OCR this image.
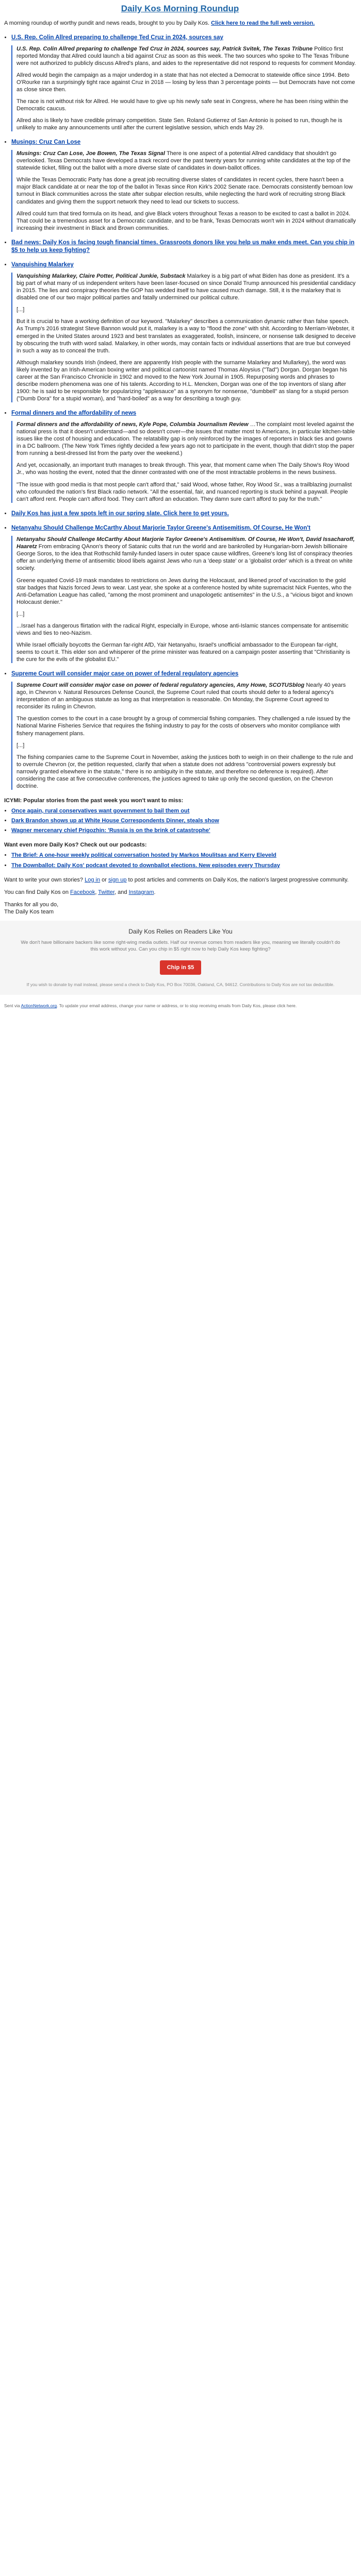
Daily Kos Morning Roundup

A morning roundup of worthy pundit and news reads, brought to you by Daily Kos. Click here to read the full web version.

• U.S. Rep. Colin Allred preparing to challenge Ted Cruz in 2024, sources say

U.S. Rep. Colin Allred preparing to challenge Ted Cruz in 2024, sources say, Patrick Svitek, The Texas Tribune Politico first reported Monday that Allred could launch a bid against Cruz as soon as this week. The two sources who spoke to The Texas Tribune were not authorized to publicly discuss Allred's plans, and aides to the representative did not respond to requests for comment Monday.

Allred would begin the campaign as a major underdog in a state that has not elected a Democrat to statewide office since 1994. Beto O'Rourke ran a surprisingly tight race against Cruz in 2018 — losing by less than 3 percentage points — but Democrats have not come as close since then.

The race is not without risk for Allred. He would have to give up his newly safe seat in Congress, where he has been rising within the Democratic caucus.

Allred also is likely to have credible primary competition. State Sen. Roland Gutierrez of San Antonio is poised to run, though he is unlikely to make any announcements until after the current legislative session, which ends May 29.

• Musings: Cruz Can Lose

Musings: Cruz Can Lose, Joe Bowen, The Texas Signal There is one aspect of a potential Allred candidacy that shouldn't go overlooked. Texas Democrats have developed a track record over the past twenty years for running white candidates at the top of the statewide ticket, filling out the ballot with a more diverse slate of candidates in down-ballot offices.

While the Texas Democratic Party has done a great job recruiting diverse slates of candidates in recent cycles, there hasn't been a major Black candidate at or near the top of the ballot in Texas since Ron Kirk's 2002 Senate race. Democrats consistently bemoan low turnout in Black communities across the state after subpar election results, while neglecting the hard work of recruiting strong Black candidates and giving them the support network they need to lead our tickets to success.

Allred could turn that tired formula on its head, and give Black voters throughout Texas a reason to be excited to cast a ballot in 2024. That could be a tremendous asset for a Democratic candidate, and to be frank, Texas Democrats won't win in 2024 without dramatically increasing their investment in Black and Brown communities.

• Bad news: Daily Kos is facing tough financial times. Grassroots donors like you help us make ends meet. Can you chip in $5 to help us keep fighting?
• Vanquishing Malarkey

Vanquishing Malarkey, Claire Potter, Political Junkie, Substack Malarkey is a big part of what Biden has done as president. It's a big part of what many of us independent writers have been laser-focused on since Donald Trump announced his presidential candidacy in 2015. The lies and conspiracy theories the GOP has wedded itself to have caused much damage. Still, it is the malarkey that is disabled one of our two major political parties and fatally undermined our political culture.

[...]

But it is crucial to have a working definition of our keyword. "Malarkey" describes a communication dynamic rather than false speech. As Trump's 2016 strategist Steve Bannon would put it, malarkey is a way to "flood the zone" with shit. According to Merriam-Webster, it emerged in the United States around 1923 and best translates as exaggerated, foolish, insincere, or nonsense talk designed to deceive by obscuring the truth with word salad. Malarkey, in other words, may contain facts or individual assertions that are true but conveyed in such a way as to conceal the truth.

Although malarkey sounds Irish (indeed, there are apparently Irish people with the surname Malarkey and Mullarkey), the word was likely invented by an Irish-American boxing writer and political cartoonist named Thomas Aloysius ("Tad") Dorgan. Dorgan began his career at the San Francisco Chronicle in 1902 and moved to the New York Journal in 1905. Repurposing words and phrases to describe modern phenomena was one of his talents. According to H.L. Mencken, Dorgan was one of the top inventors of slang after 1900: he is said to be responsible for popularizing "applesauce" as a synonym for nonsense, "dumbbell" as slang for a stupid person ("Dumb Dora" for a stupid woman), and "hard-boiled" as a way for describing a tough guy.

• Formal dinners and the affordability of news

Formal dinners and the affordability of news, Kyle Pope, Columbia Journalism Review …The complaint most leveled against the national press is that it doesn't understand—and so doesn't cover—the issues that matter most to Americans, in particular kitchen-table issues like the cost of housing and education. The relatability gap is only reinforced by the images of reporters in black ties and gowns in a DC ballroom. (The New York Times rightly decided a few years ago not to participate in the event, though that didn't stop the paper from running a best-dressed list from the party over the weekend.)

And yet, occasionally, an important truth manages to break through. This year, that moment came when The Daily Show's Roy Wood Jr., who was hosting the event, noted that the dinner contrasted with one of the most intractable problems in the news business.

"The issue with good media is that most people can't afford that," said Wood, whose father, Roy Wood Sr., was a trailblazing journalist who cofounded the nation's first Black radio network. "All the essential, fair, and nuanced reporting is stuck behind a paywall. People can't afford rent. People can't afford food. They can't afford an education. They damn sure can't afford to pay for the truth."

• Daily Kos has just a few spots left in our spring slate. Click here to get yours.
• Netanyahu Should Challenge McCarthy About Marjorie Taylor Greene's Antisemitism. Of Course, He Won't

Netanyahu Should Challenge McCarthy About Marjorie Taylor Greene's Antisemitism. Of Course, He Won't, David Issacharoff, Haaretz From embracing QAnon's theory of Satanic cults that run the world and are bankrolled by Hungarian-born Jewish billionaire George Soros, to the idea that Rothschild family-funded lasers in outer space cause wildfires, Greene's long list of conspiracy theories offer an underlying theme of antisemitic blood libels against Jews who run a 'deep state' or a 'globalist order' which is a threat on white society.

Greene equated Covid-19 mask mandates to restrictions on Jews during the Holocaust, and likened proof of vaccination to the gold star badges that Nazis forced Jews to wear. Last year, she spoke at a conference hosted by white supremacist Nick Fuentes, who the Anti-Defamation League has called, "among the most prominent and unapologetic antisemites" in the U.S., a "vicious bigot and known Holocaust denier."

[...]

...Israel has a dangerous flirtation with the radical Right, especially in Europe, whose anti-Islamic stances compensate for antisemitic views and ties to neo-Nazism.

While Israel officially boycotts the German far-right AfD, Yair Netanyahu, Israel's unofficial ambassador to the European far-right, seems to court it. This elder son and whisperer of the prime minister was featured on a campaign poster asserting that "Christianity is the cure for the evils of the globalist EU."

• Supreme Court will consider major case on power of federal regulatory agencies

Supreme Court will consider major case on power of federal regulatory agencies, Amy Howe, SCOTUSblog Nearly 40 years ago, in Chevron v. Natural Resources Defense Council, the Supreme Court ruled that courts should defer to a federal agency's interpretation of an ambiguous statute as long as that interpretation is reasonable. On Monday, the Supreme Court agreed to reconsider its ruling in Chevron.

The question comes to the court in a case brought by a group of commercial fishing companies. They challenged a rule issued by the National Marine Fisheries Service that requires the fishing industry to pay for the costs of observers who monitor compliance with fishery management plans.

[...]

The fishing companies came to the Supreme Court in November, asking the justices both to weigh in on their challenge to the rule and to overrule Chevron (or, the petition requested, clarify that when a statute does not address "controversial powers expressly but narrowly granted elsewhere in the statute," there is no ambiguity in the statute, and therefore no deference is required). After considering the case at five consecutive conferences, the justices agreed to take up only the second question, on the Chevron doctrine.

ICYMI: Popular stories from the past week you won't want to miss:
• Once again, rural conservatives want government to bail them out
• Dark Brandon shows up at White House Correspondents Dinner, steals show
• Wagner mercenary chief Prigozhin: 'Russia is on the brink of catastrophe'
Want even more Daily Kos? Check out our podcasts:
• The Brief: A one-hour weekly political conversation hosted by Markos Moulitsas and Kerry Eleveld
• The Downballot: Daily Kos' podcast devoted to downballot elections. New episodes every Thursday

Want to write your own stories? Log in or sign up to post articles and comments on Daily Kos, the nation's largest progressive community.

You can find Daily Kos on Facebook, Twitter, and Instagram.

Thanks for all you do,
The Daily Kos team

Daily Kos Relies on Readers Like You
We don't have billionaire backers like some right-wing media outlets. Half our revenue comes from readers like you, meaning we literally couldn't do this work without you. Can you chip in $5 right now to help Daily Kos keep fighting?
Chip in $5
If you wish to donate by mail instead, please send a check to Daily Kos, PO Box 70036, Oakland, CA, 94612. Contributions to Daily Kos are not tax deductible.
Sent via ActionNetwork.org. To update your email address, change your name or address, or to stop receiving emails from Daily Kos, please click here.
